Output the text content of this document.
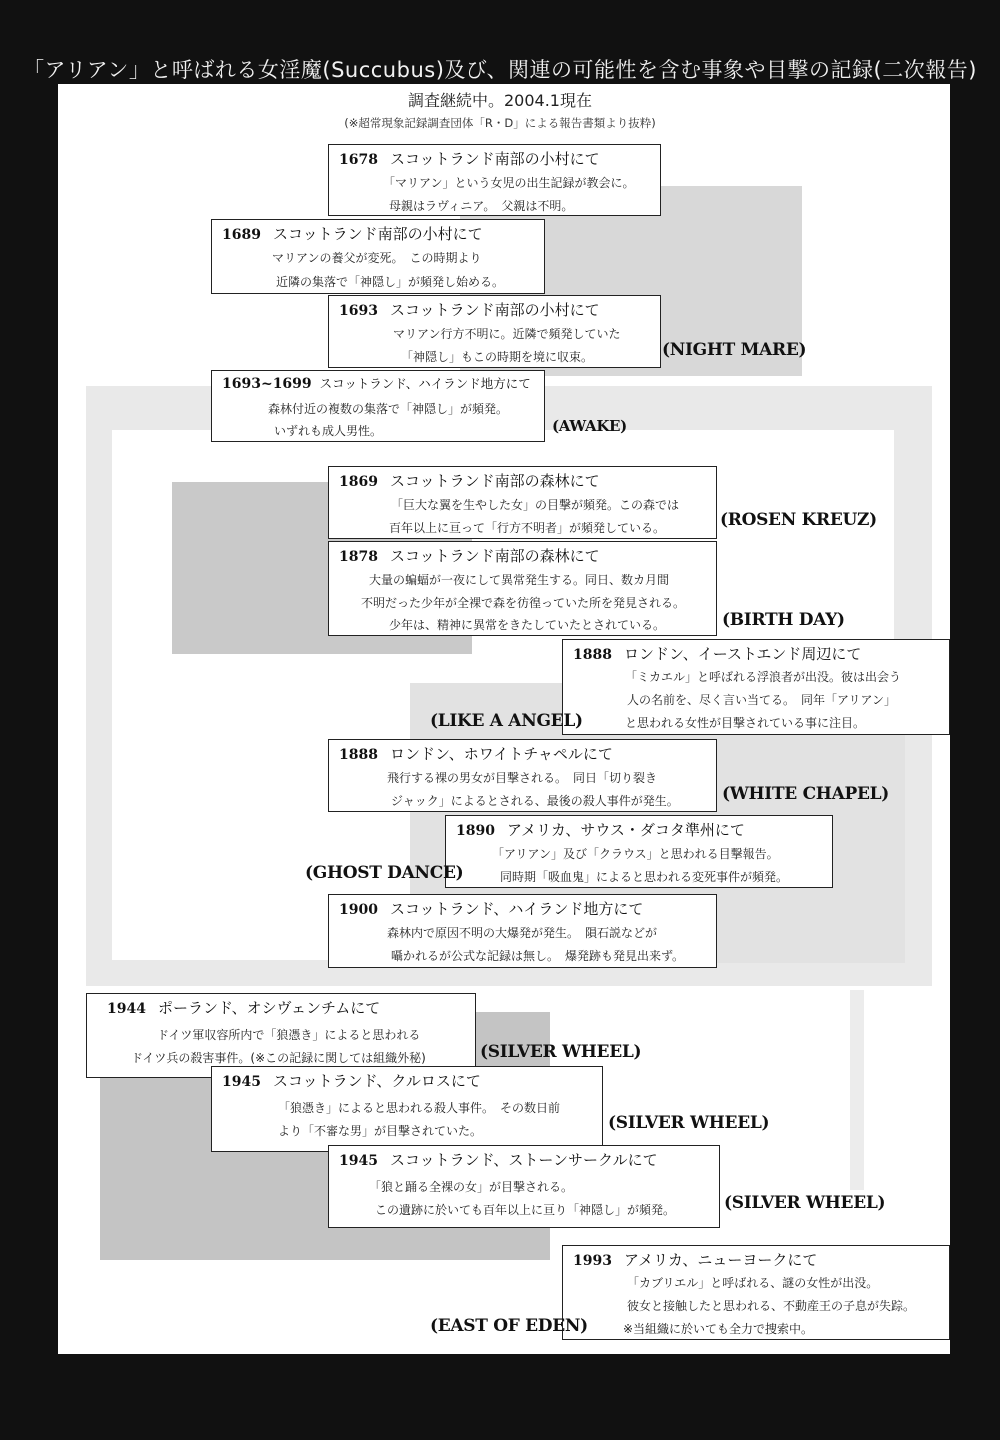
「アリアン」と呼ばれる女淫魔(Succubus)及び、関連の可能性を含む事象や目撃の記録(二次報告)
調査継続中。2004.1現在
(※超常現象記録調査団体「R・D」による報告書類より抜粋)
1678 スコットランド南部の小村にて
「マリアン」という女児の出生記録が教会に。
母親はラヴィニア。　父親は不明。
1689 スコットランド南部の小村にて
マリアンの養父が変死。　この時期より
近隣の集落で「神隠し」が頻発し始める。
1693 スコットランド南部の小村にて
マリアン行方不明に。近隣で頻発していた
「神隠し」もこの時期を境に収束。	(NIGHT MARE)
1693~1699 スコットランド、ハイランド地方にて
森林付近の複数の集落で「神隠し」が頻発。
いずれも成人男性。	(AWAKE)
1869 スコットランド南部の森林にて
「巨大な翼を生やした女」の目撃が頻発。この森では
百年以上に亘って「行方不明者」が頻発している。	(ROSEN KREUZ)
1878 スコットランド南部の森林にて
大量の蝙蝠が一夜にして異常発生する。同日、数カ月間
不明だった少年が全裸で森を彷徨っていた所を発見される。
少年は、精神に異常をきたしていたとされている。	(BIRTH DAY)
1888 ロンドン、イーストエンド周辺にて
「ミカエル」と呼ばれる浮浪者が出没。彼は出会う
人の名前を、尽く言い当てる。　同年「アリアン」
と思われる女性が目撃されている事に注目。
(LIKE A ANGEL)
1888 ロンドン、ホワイトチャペルにて
飛行する裸の男女が目撃される。　同日「切り裂き
ジャック」によるとされる、最後の殺人事件が発生。	(WHITE CHAPEL)
1890 アメリカ、サウス・ダコタ準州にて
「アリアン」及び「クラウス」と思われる目撃報告。
同時期「吸血鬼」によると思われる変死事件が頻発。
(GHOST DANCE)
1900 スコットランド、ハイランド地方にて
森林内で原因不明の大爆発が発生。　隕石説などが
囁かれるが公式な記録は無し。　爆発跡も発見出来ず。
1944 ポーランド、オシヴェンチムにて
ドイツ軍収容所内で「狼憑き」によると思われる
ドイツ兵の殺害事件。(※この記録に関しては組織外秘)	(SILVER WHEEL)
1945 スコットランド、クルロスにて
「狼憑き」によると思われる殺人事件。　その数日前
より「不審な男」が目撃されていた。	(SILVER WHEEL)
1945 スコットランド、ストーンサークルにて
「狼と踊る全裸の女」が目撃される。
この遺跡に於いても百年以上に亘り「神隠し」が頻発。	(SILVER WHEEL)
1993 アメリカ、ニューヨークにて
「カブリエル」と呼ばれる、謎の女性が出没。
彼女と接触したと思われる、不動産王の子息が失踪。
※当組織に於いても全力で捜索中。
(EAST OF EDEN)
